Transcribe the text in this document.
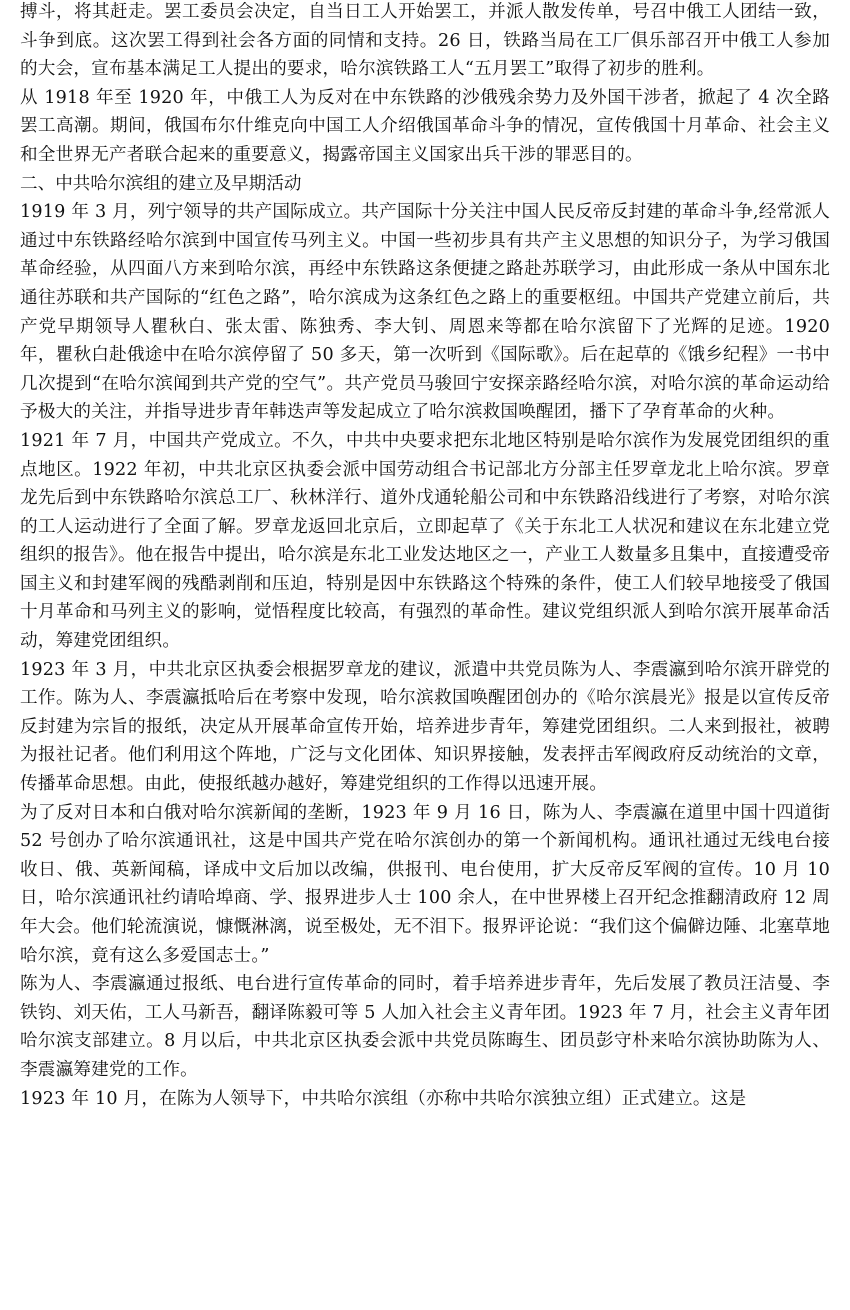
搏斗，将其赶走。罢工委员会决定，自当日工人开始罢工，并派人散发传单，号召中俄工人团结一致，斗争到底。这次罢工得到社会各方面的同情和支持。26 日，铁路当局在工厂俱乐部召开中俄工人参加的大会，宣布基本满足工人提出的要求，哈尔滨铁路工人“五月罢工”取得了初步的胜利。

从 1918 年至 1920 年，中俄工人为反对在中东铁路的沙俄残余势力及外国干涉者，掀起了 4 次全路罢工高潮。期间，俄国布尔什维克向中国工人介绍俄国革命斗争的情况，宣传俄国十月革命、社会主义和全世界无产者联合起来的重要意义，揭露帝国主义国家出兵干涉的罪恶目的。

二、中共哈尔滨组的建立及早期活动

1919 年 3 月，列宁领导的共产国际成立。共产国际十分关注中国人民反帝反封建的革命斗争,经常派人通过中东铁路经哈尔滨到中国宣传马列主义。中国一些初步具有共产主义思想的知识分子，为学习俄国革命经验，从四面八方来到哈尔滨，再经中东铁路这条便捷之路赴苏联学习，由此形成一条从中国东北通往苏联和共产国际的“红色之路”，哈尔滨成为这条红色之路上的重要枢纽。中国共产党建立前后，共产党早期领导人瞿秋白、张太雷、陈独秀、李大钊、周恩来等都在哈尔滨留下了光辉的足迹。1920 年，瞿秋白赴俄途中在哈尔滨停留了 50 多天，第一次听到《国际歌》。后在起草的《饿乡纪程》一书中几次提到“在哈尔滨闻到共产党的空气”。共产党员马骏回宁安探亲路经哈尔滨，对哈尔滨的革命运动给予极大的关注，并指导进步青年韩迭声等发起成立了哈尔滨救国唤醒团，播下了孕育革命的火种。

1921 年 7 月，中国共产党成立。不久，中共中央要求把东北地区特别是哈尔滨作为发展党团组织的重点地区。1922 年初，中共北京区执委会派中国劳动组合书记部北方分部主任罗章龙北上哈尔滨。罗章龙先后到中东铁路哈尔滨总工厂、秋林洋行、道外戊通轮船公司和中东铁路沿线进行了考察，对哈尔滨的工人运动进行了全面了解。罗章龙返回北京后，立即起草了《关于东北工人状况和建议在东北建立党组织的报告》。他在报告中提出，哈尔滨是东北工业发达地区之一，产业工人数量多且集中，直接遭受帝国主义和封建军阀的残酷剥削和压迫，特别是因中东铁路这个特殊的条件，使工人们较早地接受了俄国十月革命和马列主义的影响，觉悟程度比较高，有强烈的革命性。建议党组织派人到哈尔滨开展革命活动，筹建党团组织。

1923 年 3 月，中共北京区执委会根据罗章龙的建议，派遣中共党员陈为人、李震瀛到哈尔滨开辟党的工作。陈为人、李震瀛抵哈后在考察中发现，哈尔滨救国唤醒团创办的《哈尔滨晨光》报是以宣传反帝反封建为宗旨的报纸，决定从开展革命宣传开始，培养进步青年，筹建党团组织。二人来到报社，被聘为报社记者。他们利用这个阵地，广泛与文化团体、知识界接触，发表抨击军阀政府反动统治的文章，传播革命思想。由此，使报纸越办越好，筹建党组织的工作得以迅速开展。

为了反对日本和白俄对哈尔滨新闻的垄断，1923 年 9 月 16 日，陈为人、李震瀛在道里中国十四道街 52 号创办了哈尔滨通讯社，这是中国共产党在哈尔滨创办的第一个新闻机构。通讯社通过无线电台接收日、俄、英新闻稿，译成中文后加以改编，供报刊、电台使用，扩大反帝反军阀的宣传。10 月 10 日，哈尔滨通讯社约请哈埠商、学、报界进步人士 100 余人，在中世界楼上召开纪念推翻清政府 12 周年大会。他们轮流演说，慷慨淋漓，说至极处，无不泪下。报界评论说：“我们这个偏僻边陲、北塞草地哈尔滨，竟有这么多爱国志士。”

陈为人、李震瀛通过报纸、电台进行宣传革命的同时，着手培养进步青年，先后发展了教员汪洁曼、李铁钧、刘天佑，工人马新吾，翻译陈毅可等 5 人加入社会主义青年团。1923 年 7 月，社会主义青年团哈尔滨支部建立。8 月以后，中共北京区执委会派中共党员陈晦生、团员彭守朴来哈尔滨协助陈为人、李震瀛筹建党的工作。

1923 年 10 月，在陈为人领导下，中共哈尔滨组（亦称中共哈尔滨独立组）正式建立。这是
